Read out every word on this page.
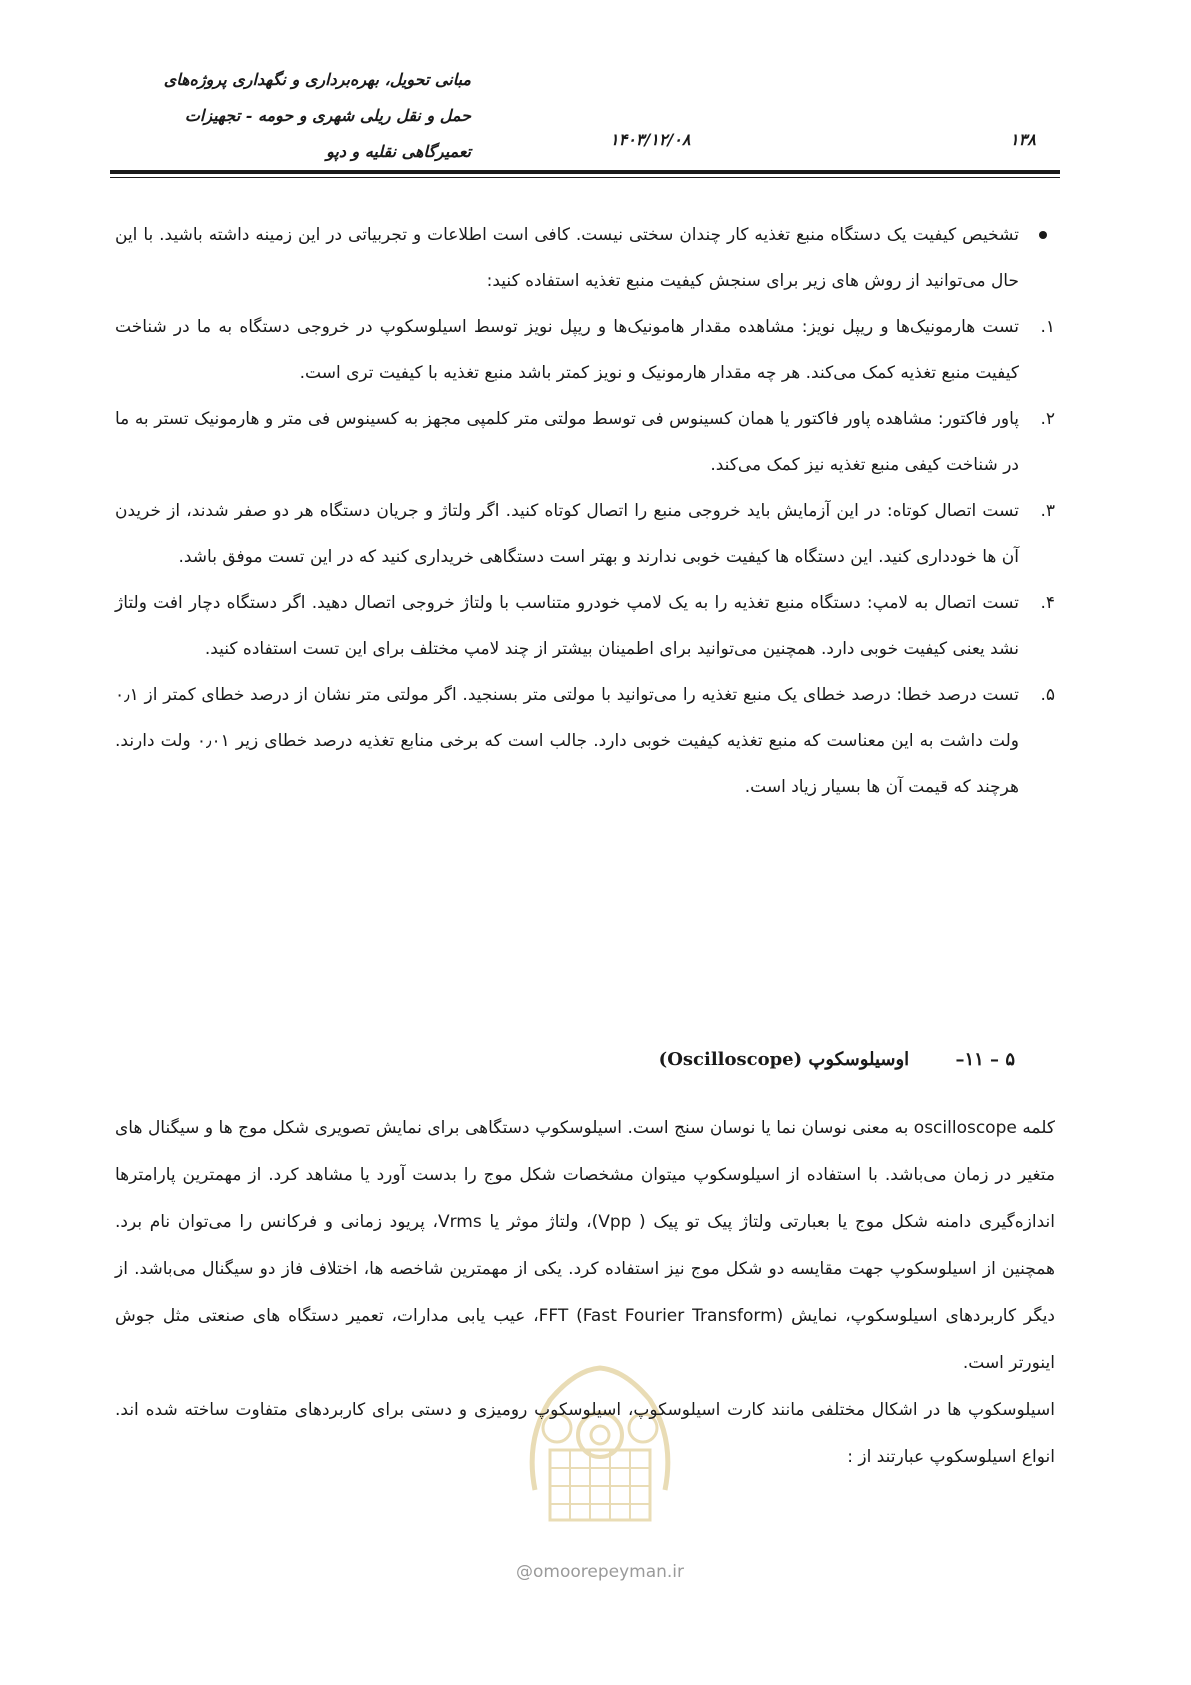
مبانی تحویل، بهره‌برداری و نگهداری پروژه‌های
حمل و نقل ریلی شهری و حومه - تجهیزات
تعمیرگاهی نقلیه و دپو
۱۴۰۳/۱۲/۰۸	۱۳۸
تشخیص کیفیت یک دستگاه منبع تغذیه کار چندان سختی نیست. کافی است اطلاعات و تجربیاتی در این زمینه داشته باشید. با این حال می‌توانید از روش های زیر برای سنجش کیفیت منبع تغذیه استفاده کنید:
۱.
تست هارمونیک‌ها و ریپل نویز: مشاهده مقدار هامونیک‌ها و ریپل نویز توسط اسیلوسکوپ در خروجی دستگاه به ما در شناخت کیفیت منبع تغذیه کمک می‌کند. هر چه مقدار هارمونیک و نویز کمتر باشد منبع تغذیه با کیفیت تری است.
۲.
پاور فاکتور: مشاهده پاور فاکتور یا همان کسینوس فی توسط مولتی متر کلمپی مجهز به کسینوس فی متر و هارمونیک تستر به ما در شناخت کیفی منبع تغذیه نیز کمک می‌کند.
۳.
تست اتصال کوتاه: در این آزمایش باید خروجی منبع را اتصال کوتاه کنید. اگر ولتاژ و جریان دستگاه هر دو صفر شدند، از خریدن آن ها خودداری کنید. این دستگاه ها کیفیت خوبی ندارند و بهتر است دستگاهی خریداری کنید که در این تست موفق باشد.
۴.
تست اتصال به لامپ: دستگاه منبع تغذیه را به یک لامپ خودرو متناسب با ولتاژ خروجی اتصال دهید. اگر دستگاه دچار افت ولتاژ نشد یعنی کیفیت خوبی دارد. همچنین می‌توانید برای اطمینان بیشتر از چند لامپ مختلف برای این تست استفاده کنید.
۵.
تست درصد خطا: درصد خطای یک منبع تغذیه را می‌توانید با مولتی متر بسنجید. اگر مولتی متر نشان از درصد خطای کمتر از ۰٫۱ ولت داشت به این معناست که منبع تغذیه کیفیت خوبی دارد. جالب است که برخی منابع تغذیه درصد خطای زیر ۰٫۰۱ ولت دارند. هرچند که قیمت آن ها بسیار زیاد است.
۵ – ۱۱– اوسیلوسکوپ (Oscilloscope)
@omoorepeyman.ir

کلمه oscilloscope به معنی نوسان نما یا نوسان سنج است. اسیلوسکوپ دستگاهی برای نمایش تصویری شکل موج ها و سیگنال های متغیر در زمان می‌باشد. با استفاده از اسیلوسکوپ میتوان مشخصات شکل موج را بدست آورد یا مشاهد کرد. از مهمترین پارامترها اندازه‌گیری دامنه شکل موج یا بعبارتی ولتاژ پیک تو پیک ( Vpp)، ولتاژ موثر یا Vrms، پریود زمانی و فرکانس را می‌توان نام برد. همچنین از اسیلوسکوپ جهت مقایسه دو شکل موج نیز استفاده کرد. یکی از مهمترین شاخصه ها، اختلاف فاز دو سیگنال می‌باشد. از دیگر کاربردهای اسیلوسکوپ، نمایش FFT (Fast Fourier Transform)، عیب یابی مدارات، تعمیر دستگاه های صنعتی مثل جوش اینورتر است.

اسیلوسکوپ ها در اشکال مختلفی مانند کارت اسیلوسکوپ، اسیلوسکوپ رومیزی و دستی برای کاربردهای متفاوت ساخته شده اند. انواع اسیلوسکوپ عبارتند از :
